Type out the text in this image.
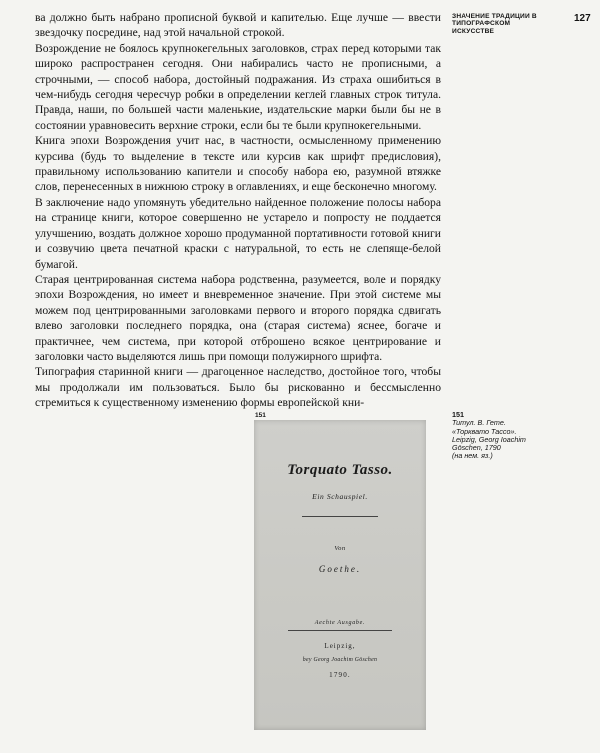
ЗНАЧЕНИЕ ТРАДИЦИИ В ТИПОГРАФСКОМ ИСКУССТВЕ
127

ва должно быть набрано прописной буквой и капителью. Еще лучше — ввести звездочку посредине, над этой начальной строкой.

Возрождение не боялось крупнокегельных заголовков, страх перед которыми так широко распространен сегодня. Они набирались часто не прописными, а строчными, — способ набора, достойный подражания. Из страха ошибиться в чем-нибудь сегодня чересчур робки в определении кеглей главных строк титула. Правда, наши, по большей части маленькие, издательские марки были бы не в состоянии уравновесить верхние строки, если бы те были крупнокегельными.

Книга эпохи Возрождения учит нас, в частности, осмысленному применению курсива (будь то выделение в тексте или курсив как шрифт предисловия), правильному использованию капители и способу набора ею, разумной втяжке слов, перенесенных в нижнюю строку в оглавлениях, и еще бесконечно многому.

В заключение надо упомянуть убедительно найденное положение полосы набора на странице книги, которое совершенно не устарело и попросту не поддается улучшению, воздать должное хорошо продуманной портативности готовой книги и созвучию цвета печатной краски с натуральной, то есть не слепяще-белой бумагой.

Старая центрированная система набора родственна, разумеется, воле и порядку эпохи Возрождения, но имеет и вневременное значение. При этой системе мы можем под центрированными заголовками первого и второго порядка сдвигать влево заголовки последнего порядка, она (старая система) яснее, богаче и практичнее, чем система, при которой отброшено всякое центрирование и заголовки часто выделяются лишь при помощи полужирного шрифта.

Типография старинной книги — драгоценное наследство, достойное того, чтобы мы продолжали им пользоваться. Было бы рискованно и бессмысленно стремиться к существенному изменению формы европейской кни-

151	151
Титул. В. Гете.
«Торквато Тассо».
Leipzig, Georg Ioachim
Göschen, 1790
(на нем. яз.)
Torquato Tasso.
Ein Schauspiel.
Von
Goethe.
Aechte Ausgabe.
Leipzig,
bey Georg Joachim Göschen
1790.
